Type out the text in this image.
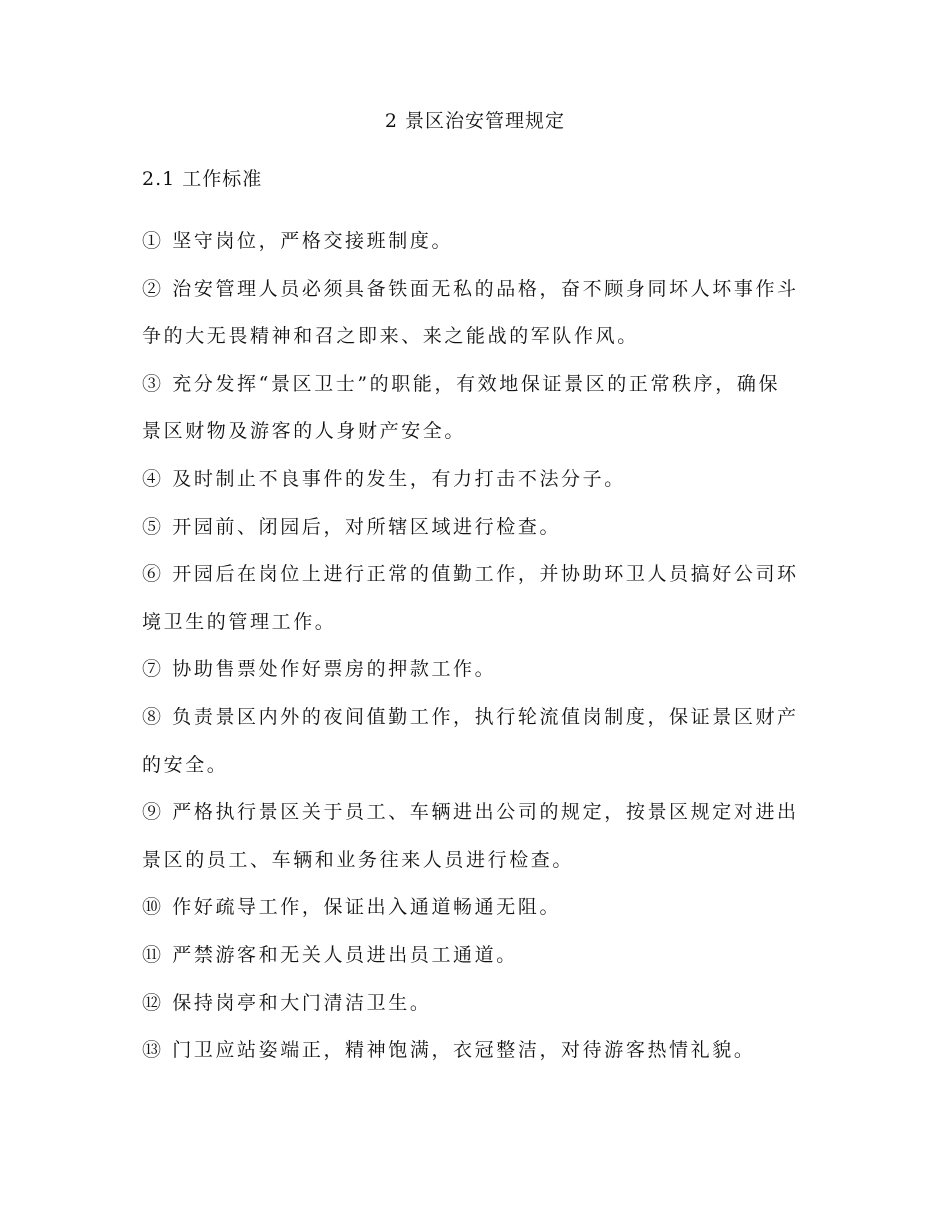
2 景区治安管理规定
2.1 工作标准
① 坚守岗位，严格交接班制度。
② 治安管理人员必须具备铁面无私的品格，奋不顾身同坏人坏事作斗
争的大无畏精神和召之即来、来之能战的军队作风。
③ 充分发挥“景区卫士”的职能，有效地保证景区的正常秩序，确保
景区财物及游客的人身财产安全。
④ 及时制止不良事件的发生，有力打击不法分子。
⑤ 开园前、闭园后，对所辖区域进行检查。
⑥ 开园后在岗位上进行正常的值勤工作，并协助环卫人员搞好公司环
境卫生的管理工作。
⑦ 协助售票处作好票房的押款工作。
⑧ 负责景区内外的夜间值勤工作，执行轮流值岗制度，保证景区财产
的安全。
⑨ 严格执行景区关于员工、车辆进出公司的规定，按景区规定对进出
景区的员工、车辆和业务往来人员进行检查。
⑩ 作好疏导工作，保证出入通道畅通无阻。
⑪ 严禁游客和无关人员进出员工通道。
⑫ 保持岗亭和大门清洁卫生。
⑬ 门卫应站姿端正，精神饱满，衣冠整洁，对待游客热情礼貌。
